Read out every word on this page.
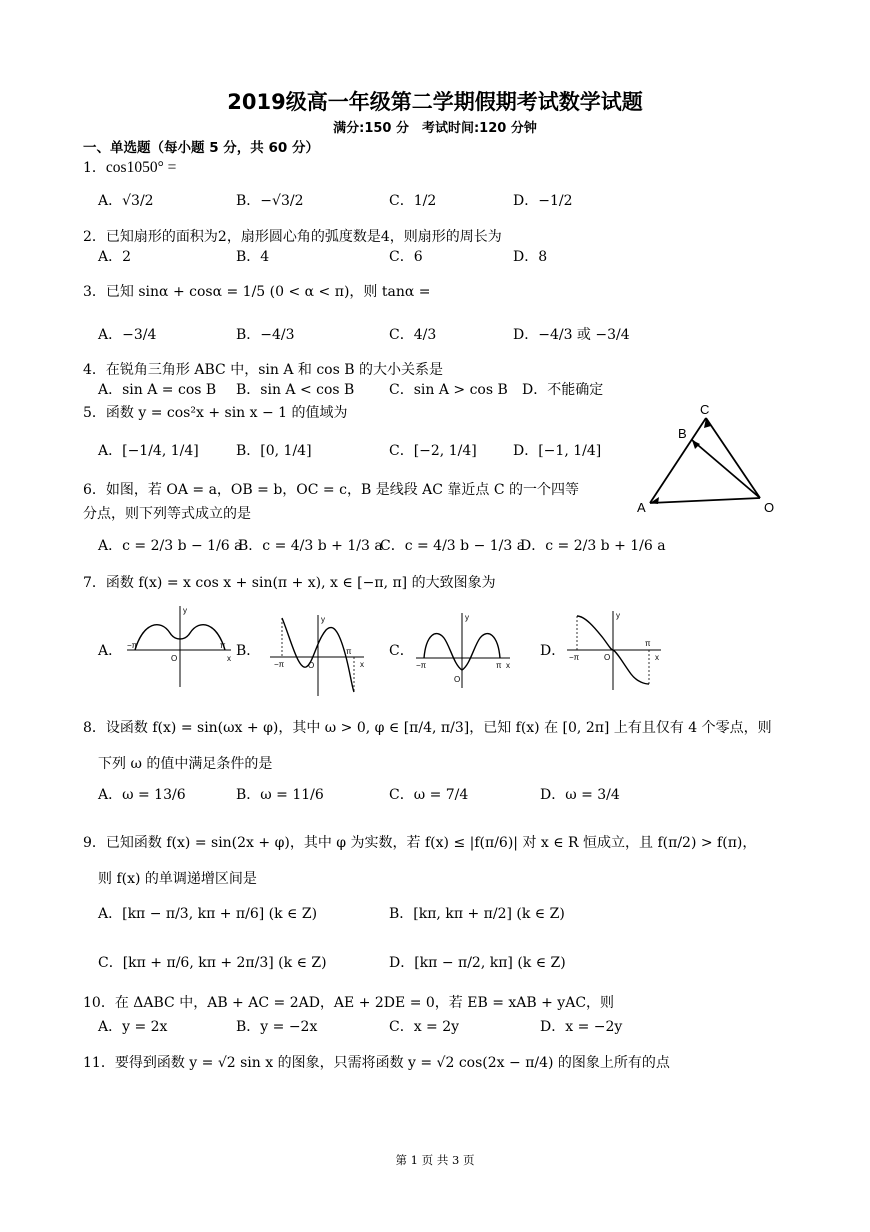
2019级高一年级第二学期假期考试数学试题
满分:150 分　考试时间:120 分钟
一、单选题（每小题 5 分，共 60 分）
1．cos1050° =
A．√3/2	B．−√3/2	C．1/2	D．−1/2
2．已知扇形的面积为2，扇形圆心角的弧度数是4，则扇形的周长为
A．2	B．4	C．6	D．8
3．已知 sinα + cosα = 1/5 (0 < α < π)，则 tanα =
A．−3/4	B．−4/3	C．4/3	D．−4/3 或 −3/4
4．在锐角三角形 ABC 中，sin A 和 cos B 的大小关系是
A．sin A = cos B B．sin A < cos B C．sin A > cos B D．不能确定
5．函数 y = cos²x + sin x − 1 的值域为
A．[−1/4, 1/4]	B．[0, 1/4]	C．[−2, 1/4]	D．[−1, 1/4]
A
B
C
O
6．如图，若 OA = a，OB = b，OC = c，B 是线段 AC 靠近点 C 的一个四等
分点，则下列等式成立的是
A．c = 2/3 b − 1/6 a
B．c = 4/3 b + 1/3 a
C．c = 4/3 b − 1/3 a
D．c = 2/3 b + 1/6 a
7．函数 f(x) = x cos x + sin(π + x), x ∈ [−π, π] 的大致图象为
A． −π	π
O	x
y
B．
−π
π
O	x
y
C．
−π	π
O
x
y
D． −π
π
O	x
y
8．设函数 f(x) = sin(ωx + φ)，其中 ω > 0, φ ∈ [π/4, π/3]，已知 f(x) 在 [0, 2π] 上有且仅有 4 个零点，则
下列 ω 的值中满足条件的是
A．ω = 13/6	B．ω = 11/6	C．ω = 7/4	D．ω = 3/4
9．已知函数 f(x) = sin(2x + φ)，其中 φ 为实数，若 f(x) ≤ |f(π/6)| 对 x ∈ R 恒成立，且 f(π/2) > f(π)，
则 f(x) 的单调递增区间是
A．[kπ − π/3, kπ + π/6] (k ∈ Z)	B．[kπ, kπ + π/2] (k ∈ Z)
C．[kπ + π/6, kπ + 2π/3] (k ∈ Z)	D．[kπ − π/2, kπ] (k ∈ Z)
10．在 ΔABC 中，AB + AC = 2AD，AE + 2DE = 0，若 EB = xAB + yAC，则
A．y = 2x	B．y = −2x	C．x = 2y	D．x = −2y
11．要得到函数 y = √2 sin x 的图象，只需将函数 y = √2 cos(2x − π/4) 的图象上所有的点
第 1 页 共 3 页
